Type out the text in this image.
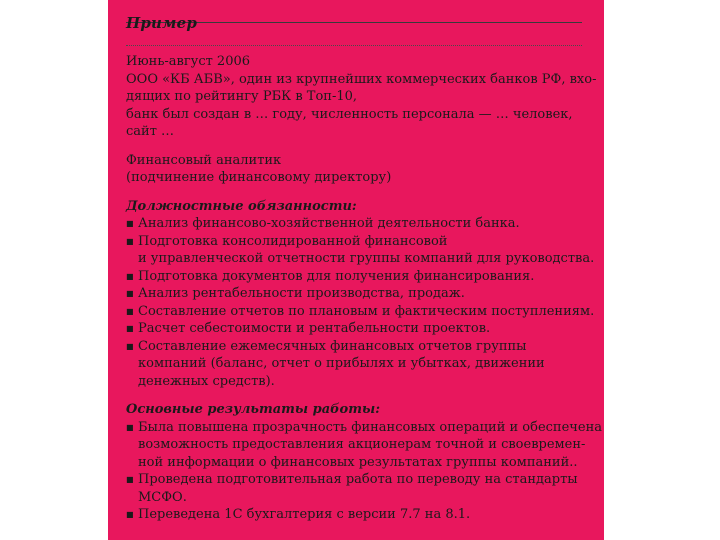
Пример
Июнь-август 2006
ООО «КБ АБВ», один из крупнейших коммерческих банков РФ, вхо-
дящих по рейтингу РБК в Топ-10,
банк был создан в … году, численность персонала — … человек,
сайт …
Финансовый аналитик
(подчинение финансовому директору)
Должностные обязанности:
■ Анализ финансово-хозяйственной деятельности банка.
■ Подготовка консолидированной финансовой
и управленческой отчетности группы компаний для руководства.
■ Подготовка документов для получения финансирования.
■ Анализ рентабельности производства, продаж.
■ Составление отчетов по плановым и фактическим поступлениям.
■ Расчет себестоимости и рентабельности проектов.
■ Составление ежемесячных финансовых отчетов группы
компаний (баланс, отчет о прибылях и убытках, движении
денежных средств).
Основные результаты работы:
■ Была повышена прозрачность финансовых операций и обеспечена
возможность предоставления акционерам точной и своевремен-
ной информации о финансовых результатах группы компаний..
■ Проведена подготовительная работа по переводу на стандарты
МСФО.
■ Переведена 1С бухгалтерия с версии 7.7 на 8.1.
